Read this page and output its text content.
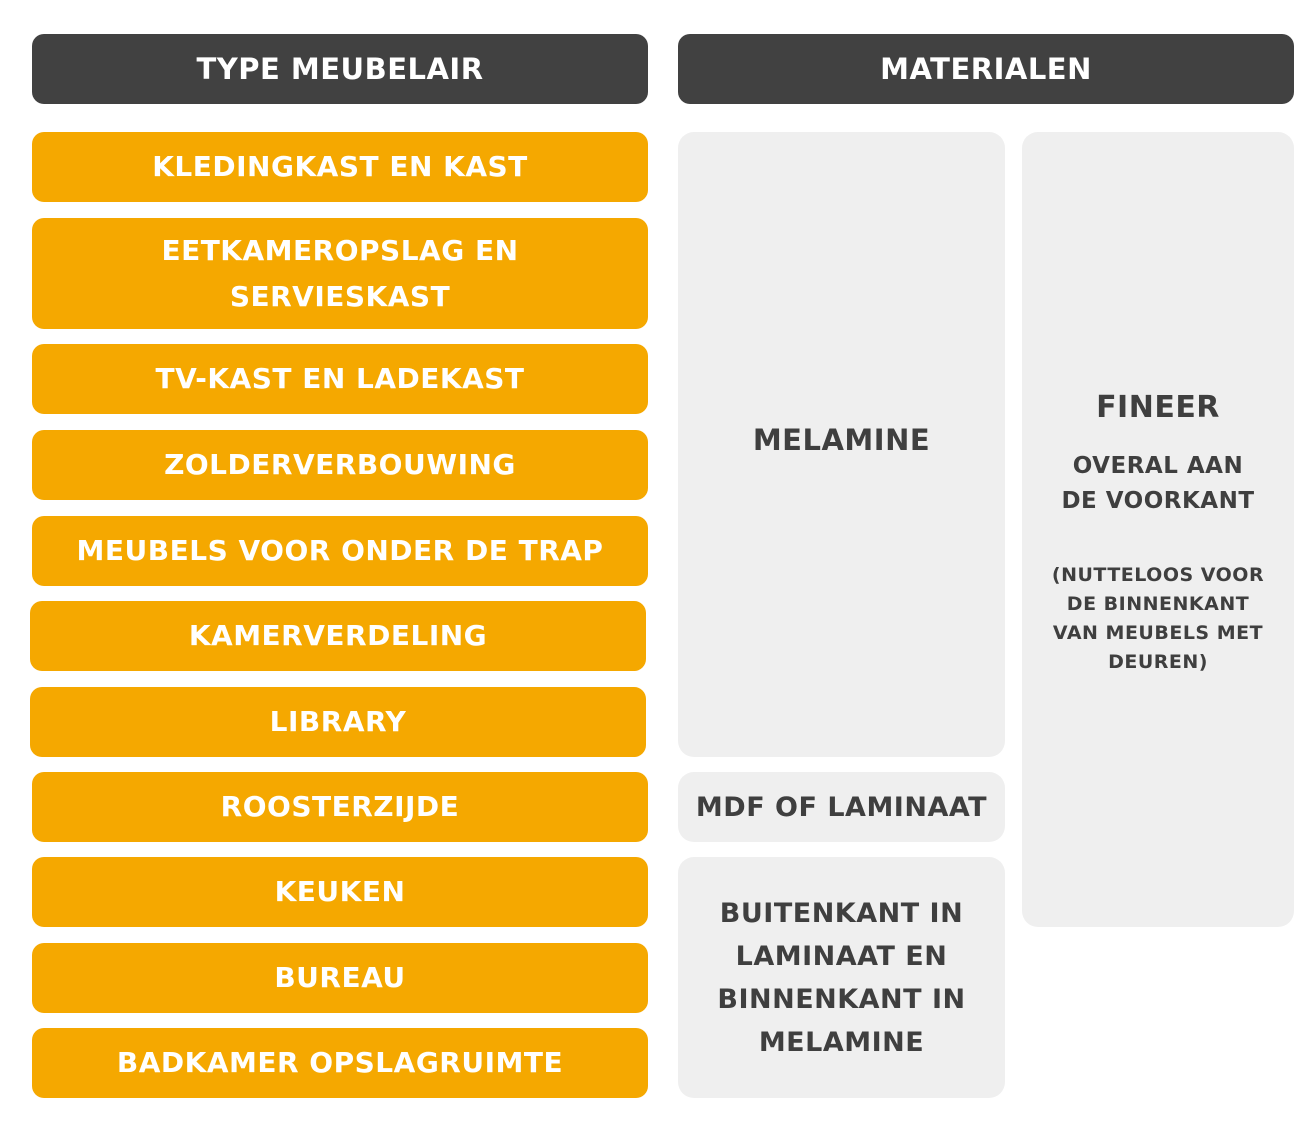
TYPE MEUBELAIR	MATERIALEN
KLEDINGKAST EN KAST
EETKAMEROPSLAG EN SERVIESKAST
TV-KAST EN LADEKAST
ZOLDERVERBOUWING
MEUBELS VOOR ONDER DE TRAP
KAMERVERDELING
LIBRARY
ROOSTERZIJDE
KEUKEN
BUREAU
BADKAMER OPSLAGRUIMTE
MELAMINE
MDF OF LAMINAAT
BUITENKANT IN LAMINAAT EN BINNENKANT IN MELAMINE
FINEER
OVERAL AAN DE VOORKANT
(NUTTELOOS VOOR DE BINNENKANT VAN MEUBELS MET DEUREN)
